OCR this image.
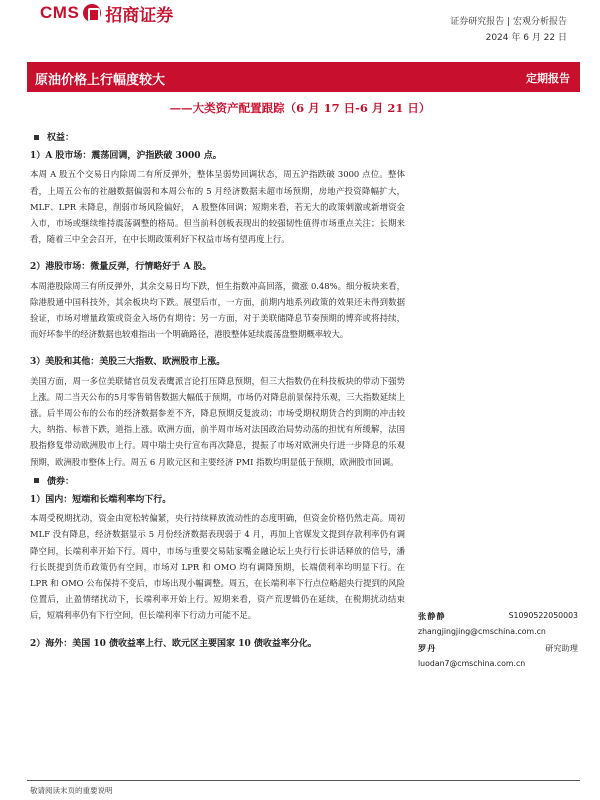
CMS 招商证券	证券研究报告 | 宏观分析报告
2024 年 6 月 22 日
原油价格上行幅度较大	定期报告
——大类资产配置跟踪（6 月 17 日-6 月 21 日）
权益：
1）A 股市场：震荡回调，沪指跌破 3000 点。
本周 A 股五个交易日内除周二有所反弹外，整体呈弱势回调状态，周五沪指跌破 3000 点位。整体看，上周五公布的社融数据偏弱和本周公布的 5 月经济数据未超市场预期，房地产投资降幅扩大，MLF、LPR 未降息，削弱市场风险偏好， A 股整体回调；短期来看，若无大的政策刺激或新增资金入市，市场或继续维持震荡调整的格局。但当前科创板表现出的较强韧性值得市场重点关注；长期来看，随着三中全会召开，在中长期政策利好下权益市场有望再度上行。
2）港股市场：微量反弹，行情略好于 A 股。
本周港股除周三有所反弹外，其余交易日均下跌，恒生指数冲高回落，微涨 0.48%。细分板块来看，除港股通中国科技外，其余板块均下跌。展望后市，一方面，前期内地系列政策的效果还未得到数据验证，市场对增量政策或资金入场仍有期待；另一方面，对于美联储降息节奏预期的博弈或将持续，而好坏参半的经济数据也较难指出一个明确路径，港股整体延续震荡盘整期概率较大。
3）美股和其他：美股三大指数、欧洲股市上涨。
美国方面，周一多位美联储官员发表鹰派言论打压降息预期，但三大指数仍在科技板块的带动下强势上涨。周二当天公布的5月零售销售数据大幅低于预期，市场仍对降息前景保持乐观，三大指数延续上涨。后半周公布的公布的经济数据参差不齐，降息预期反复波动；市场受期权期货合约到期的冲击较大，纳指、标普下跌，道指上涨。欧洲方面，前半周市场对法国政治局势动荡的担忧有所缓解，法国股指修复带动欧洲股市上行。周中瑞士央行宣布再次降息，提振了市场对欧洲央行进一步降息的乐观预期，欧洲股市整体上行。周五 6 月欧元区和主要经济 PMI 指数均明显低于预期，欧洲股市回调。
债券：
1）国内：短端和长端利率均下行。
本周受税期扰动，资金由宽松转偏紧，央行持续释放流动性的态度明确，但资金价格仍然走高。周初 MLF 没有降息，经济数据显示 5 月份经济数据表现弱于 4 月，再加上官媒发文提到存款利率仍有调降空间，长端利率开始下行。周中，市场与重要交易陆家嘴金融论坛上央行行长讲话释放的信号，潘行长既提到货币政策仍有空间，市场对 LPR 和 OMO 均有调降预期，长端债利率均明显下行。在 LPR 和 OMO 公布保持不变后，市场出现小幅调整。周五，在长端利率下行点位略超央行提到的风险位置后，止盈情绪扰动下，长端利率开始上行。短期来看，资产荒逻辑仍在延续，在税期扰动结束后，短端利率仍有下行空间，但长端利率下行动力可能不足。
2）海外：美国 10 债收益率上行、欧元区主要国家 10 债收益率分化。
张静静	S1090522050003
zhangjingjing@cmschina.com.cn
罗丹	研究助理
luodan7@cmschina.com.cn
敬请阅读末页的重要说明
